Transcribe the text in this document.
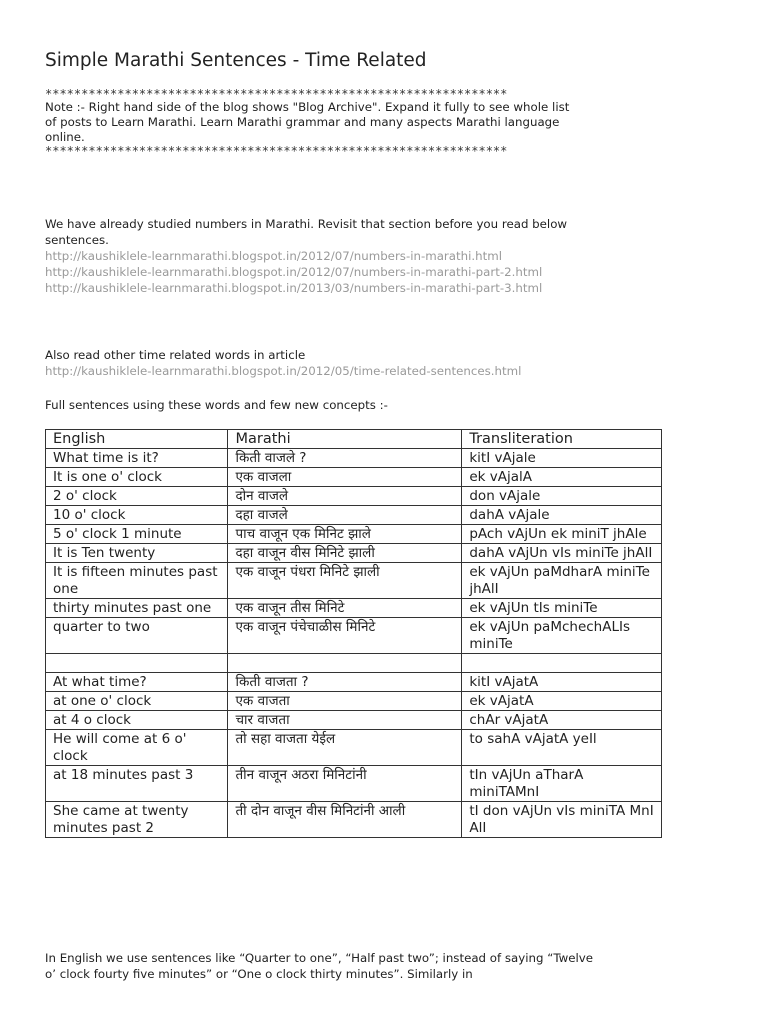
Simple Marathi Sentences - Time Related
****************************************************************
Note :- Right hand side of the blog shows "Blog Archive". Expand it fully to see whole list of posts to Learn Marathi. Learn Marathi grammar and many aspects Marathi language online.
****************************************************************
We have already studied numbers in Marathi. Revisit that section before you read below sentences.
http://kaushiklele-learnmarathi.blogspot.in/2012/07/numbers-in-marathi.html
http://kaushiklele-learnmarathi.blogspot.in/2012/07/numbers-in-marathi-part-2.html
http://kaushiklele-learnmarathi.blogspot.in/2013/03/numbers-in-marathi-part-3.html
Also read other time related words in article
http://kaushiklele-learnmarathi.blogspot.in/2012/05/time-related-sentences.html
Full sentences using these words and few new concepts :-
English	Marathi	Transliteration
What time is it?	किती वाजले ?	kitI vAjale
It is one o' clock	एक वाजला	ek vAjalA
2 o' clock	दोन वाजले	don vAjale
10 o' clock	दहा वाजले	dahA vAjale
5 o' clock 1 minute	पाच वाजून एक मिनिट झाले	pAch vAjUn ek miniT jhAle
It is Ten twenty	दहा वाजून वीस मिनिटे झाली	dahA vAjUn vIs miniTe jhAlI
It is fifteen minutes past one	एक वाजून पंधरा मिनिटे झाली	ek vAjUn paMdharA miniTe jhAlI
thirty minutes past one	एक वाजून तीस मिनिटे	ek vAjUn tIs miniTe
quarter to two	एक वाजून पंचेचाळीस मिनिटे	ek vAjUn paMchechALIs miniTe

At what time?	किती वाजता ?	kitI vAjatA
at one o' clock	एक वाजता	ek vAjatA
at 4 o clock	चार वाजता	chAr vAjatA
He will come at 6 o' clock	तो सहा वाजता येईल	to sahA vAjatA yeIl
at 18 minutes past 3	तीन वाजून अठरा मिनिटांनी	tIn vAjUn aTharA miniTAMnI
She came at twenty minutes past 2	ती दोन वाजून वीस मिनिटांनी आली	tI don vAjUn vIs miniTA MnI AlI
In English we use sentences like “Quarter to one”, “Half past two”; instead of saying “Twelve o’ clock fourty five minutes” or “One o clock thirty minutes”. Similarly in
